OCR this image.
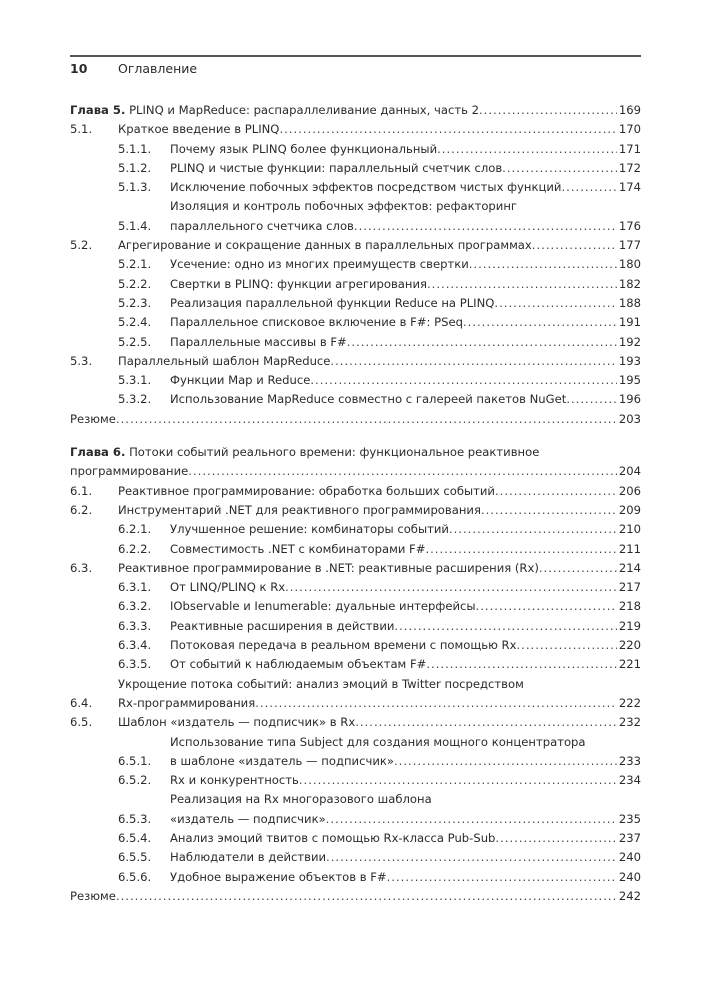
10	Оглавление
Глава 5. PLINQ и MapReduce: распараллеливание данных, часть 2 .....	169
5.1.	Краткое введение в PLINQ .....	170
5.1.1.	Почему язык PLINQ более функциональный .....	171
5.1.2.	PLINQ и чистые функции: параллельный счетчик слов .....	172
5.1.3.	Исключение побочных эффектов посредством чистых функций .....	174
5.1.4.
Изоляция и контроль побочных эффектов: рефакторинг
параллельного счетчика слов .....	176
5.2.	Агрегирование и сокращение данных в параллельных программах .....	177
5.2.1.	Усечение: одно из многих преимуществ свертки .....	180
5.2.2.	Свертки в PLINQ: функции агрегирования .....	182
5.2.3.	Реализация параллельной функции Reduce на PLINQ .....	188
5.2.4.	Параллельное списковое включение в F#: PSeq .....	191
5.2.5.	Параллельные массивы в F# .....	192
5.3.	Параллельный шаблон MapReduce .....	193
5.3.1.	Функции Map и Reduce .....	195
5.3.2.	Использование MapReduce совместно с галереей пакетов NuGet .....	196
Резюме .....	203
Глава 6. Потоки событий реального времени: функциональное реактивное
программирование .....	204
6.1.	Реактивное программирование: обработка больших событий .....	206
6.2.	Инструментарий .NET для реактивного программирования .....	209
6.2.1.	Улучшенное решение: комбинаторы событий .....	210
6.2.2.	Совместимость .NET с комбинаторами F# .....	211
6.3.	Реактивное программирование в .NET: реактивные расширения (Rx) .....	214
6.3.1.	От LINQ/PLINQ к Rx .....	217
6.3.2.	IObservable и Ienumerable: дуальные интерфейсы .....	218
6.3.3.	Реактивные расширения в действии .....	219
6.3.4.	Потоковая передача в реальном времени с помощью Rx .....	220
6.3.5.	От событий к наблюдаемым объектам F# .....	221
6.4.
Укрощение потока событий: анализ эмоций в Twitter посредством
Rx-программирования .....	222
6.5.	Шаблон «издатель — подписчик» в Rx .....	232
6.5.1.
Использование типа Subject для создания мощного концентратора
в шаблоне «издатель — подписчик» .....	233
6.5.2.	Rx и конкурентность .....	234
6.5.3.
Реализация на Rx многоразового шаблона
«издатель — подписчик» .....	235
6.5.4.	Анализ эмоций твитов с помощью Rx-класса Pub-Sub .....	237
6.5.5.	Наблюдатели в действии .....	240
6.5.6.	Удобное выражение объектов в F# .....	240
Резюме .....	242
